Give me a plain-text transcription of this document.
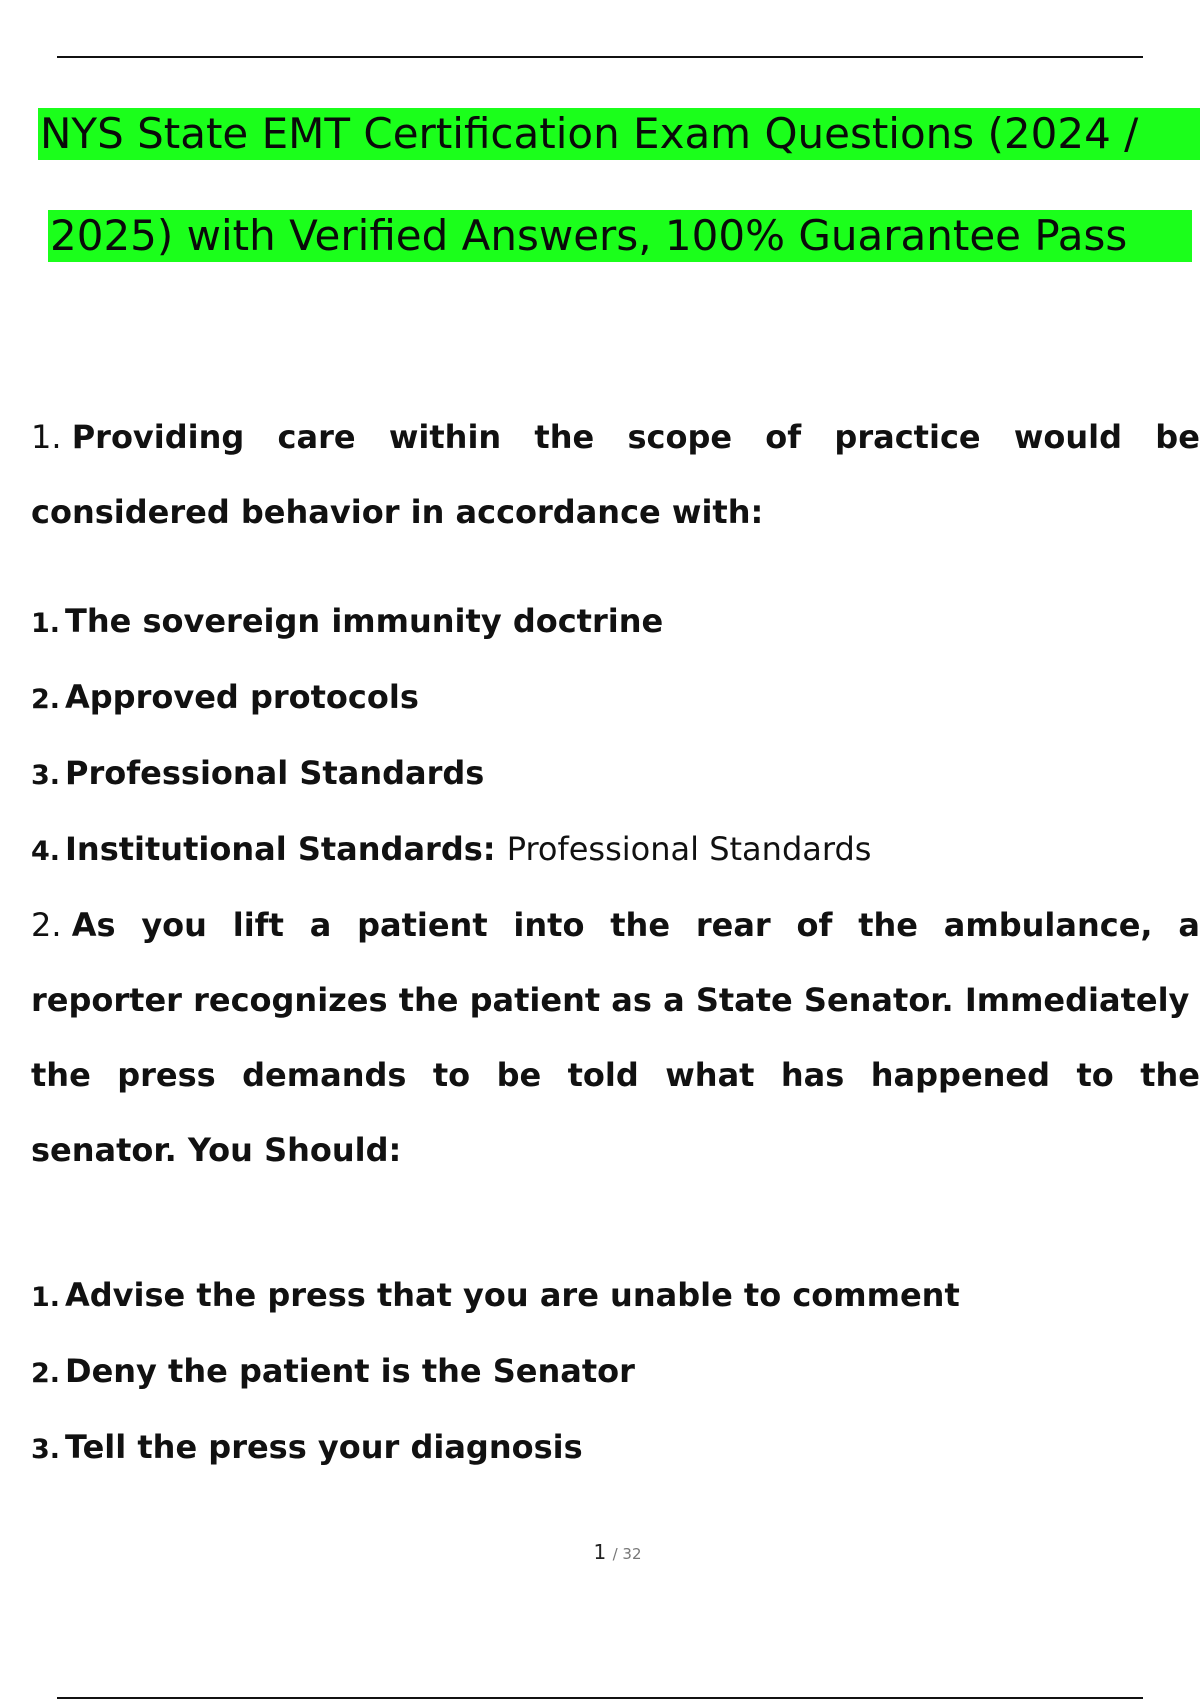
NYS State EMT Certification Exam Questions (2024 /
2025) with Verified Answers, 100% Guarantee Pass
1. Providing care within the scope of practice would be
considered behavior in accordance with:
1. The sovereign immunity doctrine
2. Approved protocols
3. Professional Standards
4. Institutional Standards: Professional Standards
2. As you lift a patient into the rear of the ambulance, a
reporter recognizes the patient as a State Senator. Immediately
the press demands to be told what has happened to the
senator. You Should:
1. Advise the press that you are unable to comment
2. Deny the patient is the Senator
3. Tell the press your diagnosis
1 / 32
